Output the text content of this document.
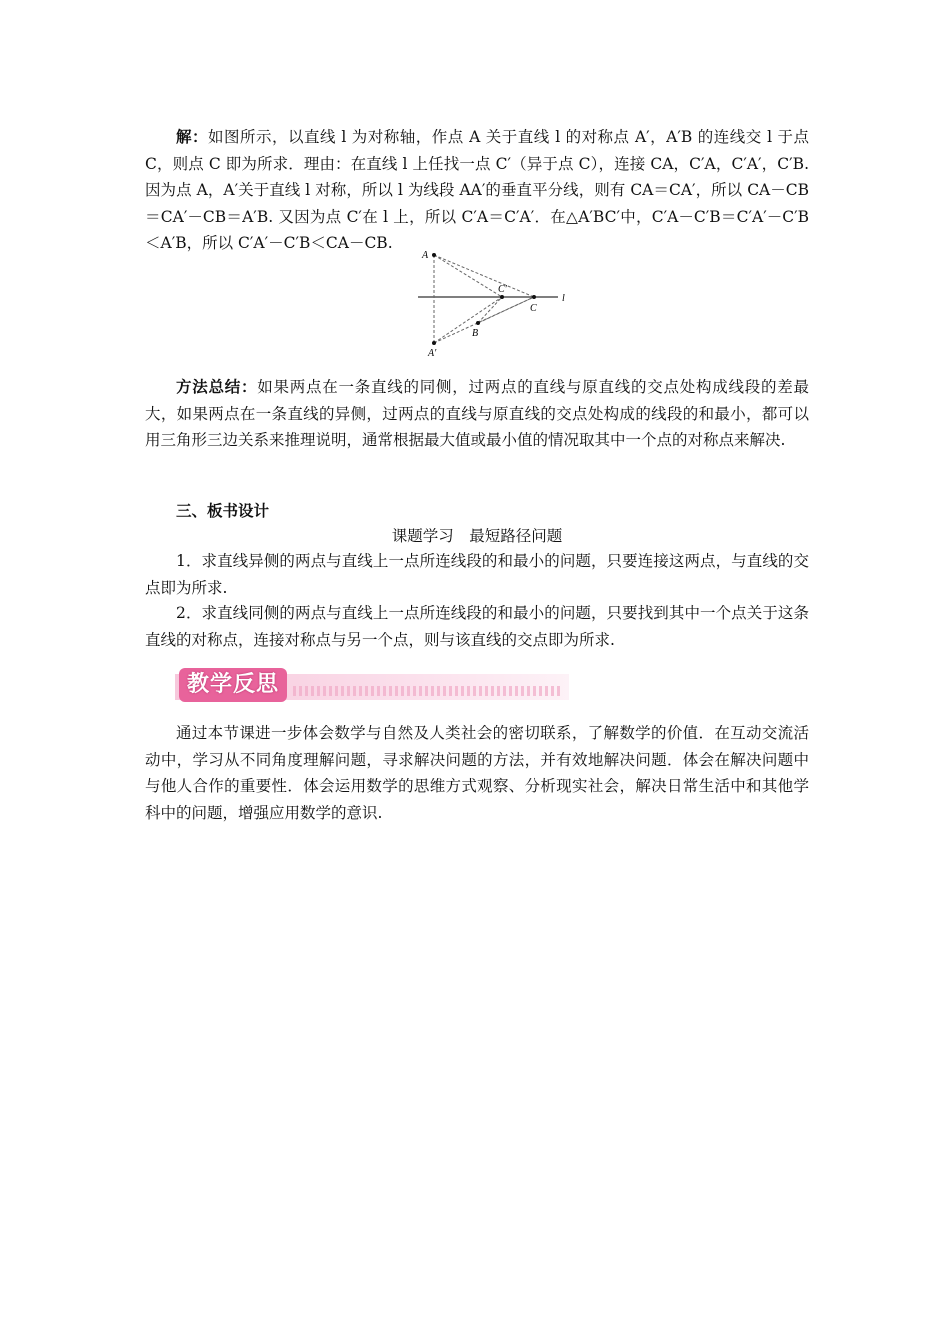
解：如图所示，以直线 l 为对称轴，作点 A 关于直线 l 的对称点 A′，A′B 的连线交 l 于点 C，则点 C 即为所求．理由：在直线 l 上任找一点 C′（异于点 C），连接 CA，C′A，C′A′，C′B. 因为点 A，A′关于直线 l 对称，所以 l 为线段 AA′的垂直平分线，则有 CA＝CA′，所以 CA－CB＝CA′－CB＝A′B. 又因为点 C′在 l 上，所以 C′A＝C′A′．在△A′BC′中，C′A－C′B＝C′A′－C′B＜A′B，所以 C′A′－C′B＜CA－CB.

A
A′
B
C′
C
l

方法总结：如果两点在一条直线的同侧，过两点的直线与原直线的交点处构成线段的差最大，如果两点在一条直线的异侧，过两点的直线与原直线的交点处构成的线段的和最小，都可以用三角形三边关系来推理说明，通常根据最大值或最小值的情况取其中一个点的对称点来解决.

三、板书设计

课题学习　最短路径问题

1．求直线异侧的两点与直线上一点所连线段的和最小的问题，只要连接这两点，与直线的交点即为所求.

2．求直线同侧的两点与直线上一点所连线段的和最小的问题，只要找到其中一个点关于这条直线的对称点，连接对称点与另一个点，则与该直线的交点即为所求.

教学反思

通过本节课进一步体会数学与自然及人类社会的密切联系，了解数学的价值．在互动交流活动中，学习从不同角度理解问题，寻求解决问题的方法，并有效地解决问题．体会在解决问题中与他人合作的重要性．体会运用数学的思维方式观察、分析现实社会，解决日常生活中和其他学科中的问题，增强应用数学的意识.
